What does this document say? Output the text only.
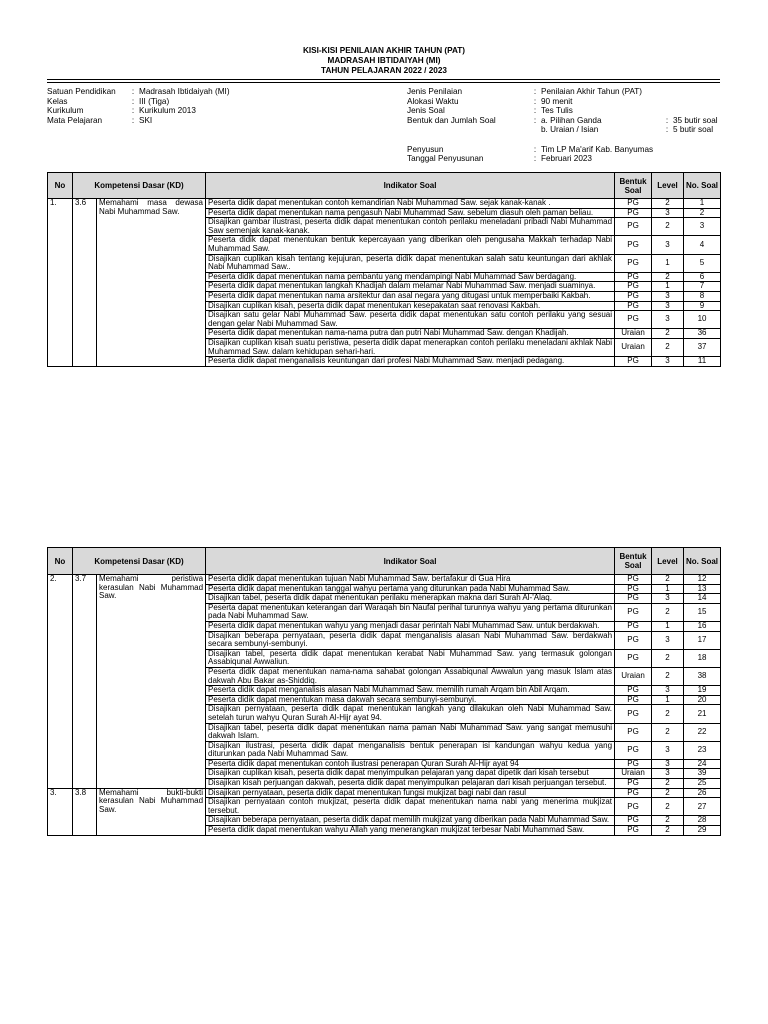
KISI-KISI PENILAIAN AKHIR TAHUN (PAT)
MADRASAH IBTIDAIYAH (MI)
TAHUN PELAJARAN 2022 / 2023
Satuan Pendidikan	: Madrasah Ibtidaiyah (MI)
Kelas	: III (Tiga)
Kurikulum	: Kurikulum 2013
Mata Pelajaran	: SKI
Jenis Penilaian	: Penilaian Akhir Tahun (PAT)
Alokasi Waktu	: 90 menit
Jenis Soal	: Tes Tulis
Bentuk dan Jumlah Soal	: a. Pilihan Ganda	: 35 butir soal
b. Uraian / Isian	: 5 butir soal
Penyusun	: Tim LP Ma'arif Kab. Banyumas
Tanggal Penyusunan	: Februari 2023
No	Kompetensi Dasar (KD)		Indikator Soal	Bentuk Soal	Level	No. Soal
1.	3.6	Memahami masa dewasa Nabi Muhammad Saw.	Peserta didik dapat menentukan contoh kemandirian Nabi Muhammad Saw. sejak kanak-kanak .	PG	2	1
			Peserta didik dapat menentukan nama pengasuh Nabi Muhammad Saw. sebelum diasuh oleh paman beliau.	PG	3	2
			Disajikan gambar ilustrasi, peserta didik dapat menentukan contoh perilaku meneladani pribadi Nabi Muhammad Saw semenjak kanak-kanak.	PG	2	3
			Peserta didik dapat menentukan bentuk kepercayaan yang diberikan oleh pengusaha Makkah terhadap Nabi Muhammad Saw.	PG	3	4
			Disajikan cuplikan kisah tentang kejujuran, peserta didik dapat menentukan salah satu keuntungan dari akhlak Nabi Muhammad Saw..	PG	1	5
			Peserta didik dapat menentukan nama pembantu yang mendampingi Nabi Muhammad Saw berdagang.	PG	2	6
			Peserta didik dapat menentukan langkah Khadijah dalam melamar Nabi Muhammad Saw. menjadi suaminya.	PG	1	7
			Peserta didik dapat menentukan nama arsitektur dan asal negara yang ditugasi untuk memperbaiki Kakbah.	PG	3	8
			Disajikan cuplikan kisah, peserta didik dapat menentukan kesepakatan saat renovasi Kakbah.	PG	3	9
			Disajikan satu gelar Nabi Muhammad Saw. peserta didik dapat menentukan satu contoh perilaku yang sesuai dengan gelar Nabi Muhammad Saw.	PG	3	10
			Peserta didik dapat menentukan nama-nama putra dan putri Nabi Muhammad Saw. dengan Khadijah.	Uraian	2	36
			Disajikan cuplikan kisah suatu peristiwa, peserta didik dapat menerapkan contoh perilaku meneladani akhlak Nabi Muhammad Saw. dalam kehidupan sehari-hari.	Uraian	2	37
			Peserta didik dapat menganalisis keuntungan dari profesi Nabi Muhammad Saw. menjadi pedagang.	PG	3	11
No	Kompetensi Dasar (KD)		Indikator Soal	Bentuk Soal	Level	No. Soal
2.	3.7	Memahami peristiwa kerasulan Nabi Muhammad Saw.	Peserta didik dapat menentukan tujuan Nabi Muhammad Saw. bertafakur di Gua Hira	PG	2	12
			Peserta didik dapat menentukan tanggal wahyu pertama yang diturunkan pada Nabi Muhammad Saw.	PG	1	13
			Disajikan tabel, peserta didik dapat menentukan perilaku menerapkan makna dari Surah Al-'Alaq.	PG	3	14
			Peserta dapat menentukan keterangan dari Waraqah bin Naufal perihal turunnya wahyu yang pertama diturunkan pada Nabi Muhammad Saw.	PG	2	15
			Peserta didik dapat menentukan wahyu yang menjadi dasar perintah Nabi Muhammad Saw. untuk berdakwah.	PG	1	16
			Disajikan beberapa pernyataan, peserta didik dapat menganalisis alasan Nabi Muhammad Saw. berdakwah secara sembunyi-sembunyi.	PG	3	17
			Disajikan tabel, peserta didik dapat menentukan kerabat Nabi Muhammad Saw. yang termasuk golongan Assabiqunal Awwaliun.	PG	2	18
			Peserta didik dapat menentukan nama-nama sahabat golongan Assabiqunal Awwalun yang masuk Islam atas dakwah Abu Bakar as-Shiddiq.	Uraian	2	38
			Peserta didik dapat menganalisis alasan Nabi Muhammad Saw. memilih rumah Arqam bin Abil Arqam.	PG	3	19
			Peserta didik dapat menentukan masa dakwah secara sembunyi-sembunyi.	PG	1	20
			Disajikan pernyataan, peserta didik dapat menentukan langkah yang dilakukan oleh Nabi Muhammad Saw. setelah turun wahyu Quran Surah Al-Hijr ayat 94.	PG	2	21
			Disajikan tabel, peserta didik dapat menentukan nama paman Nabi Muhammad Saw. yang sangat memusuhi dakwah Islam.	PG	2	22
			Disajikan ilustrasi, peserta didik dapat menganalisis bentuk penerapan isi kandungan wahyu kedua yang diturunkan pada Nabi Muhammad Saw.	PG	3	23
			Peserta didik dapat menentukan contoh ilustrasi penerapan Quran Surah Al-Hijr ayat 94	PG	3	24
			Disajikan cuplikan kisah, peserta didik dapat menyimpulkan pelajaran yang dapat dipetik dari kisah tersebut	Uraian	3	39
			Disajikan kisah perjuangan dakwah, peserta didik dapat menyimpulkan pelajaran dari kisah perjuangan tersebut.	PG	2	25
3.	3.8	Memahami bukti-bukti kerasulan Nabi Muhammad Saw.	Disajikan pernyataan, peserta didik dapat menentukan fungsi mukjizat bagi nabi dan rasul	PG	2	26
			Disajikan pernyataan contoh mukjizat, peserta didik dapat menentukan nama nabi yang menerima mukjizat tersebut.	PG	2	27
			Disajikan beberapa pernyataan, peserta didik dapat memilih mukjizat yang diberikan pada Nabi Muhammad Saw.	PG	2	28
			Peserta didik dapat menentukan wahyu Allah yang menerangkan mukjizat terbesar Nabi Muhammad Saw.	PG	2	29
